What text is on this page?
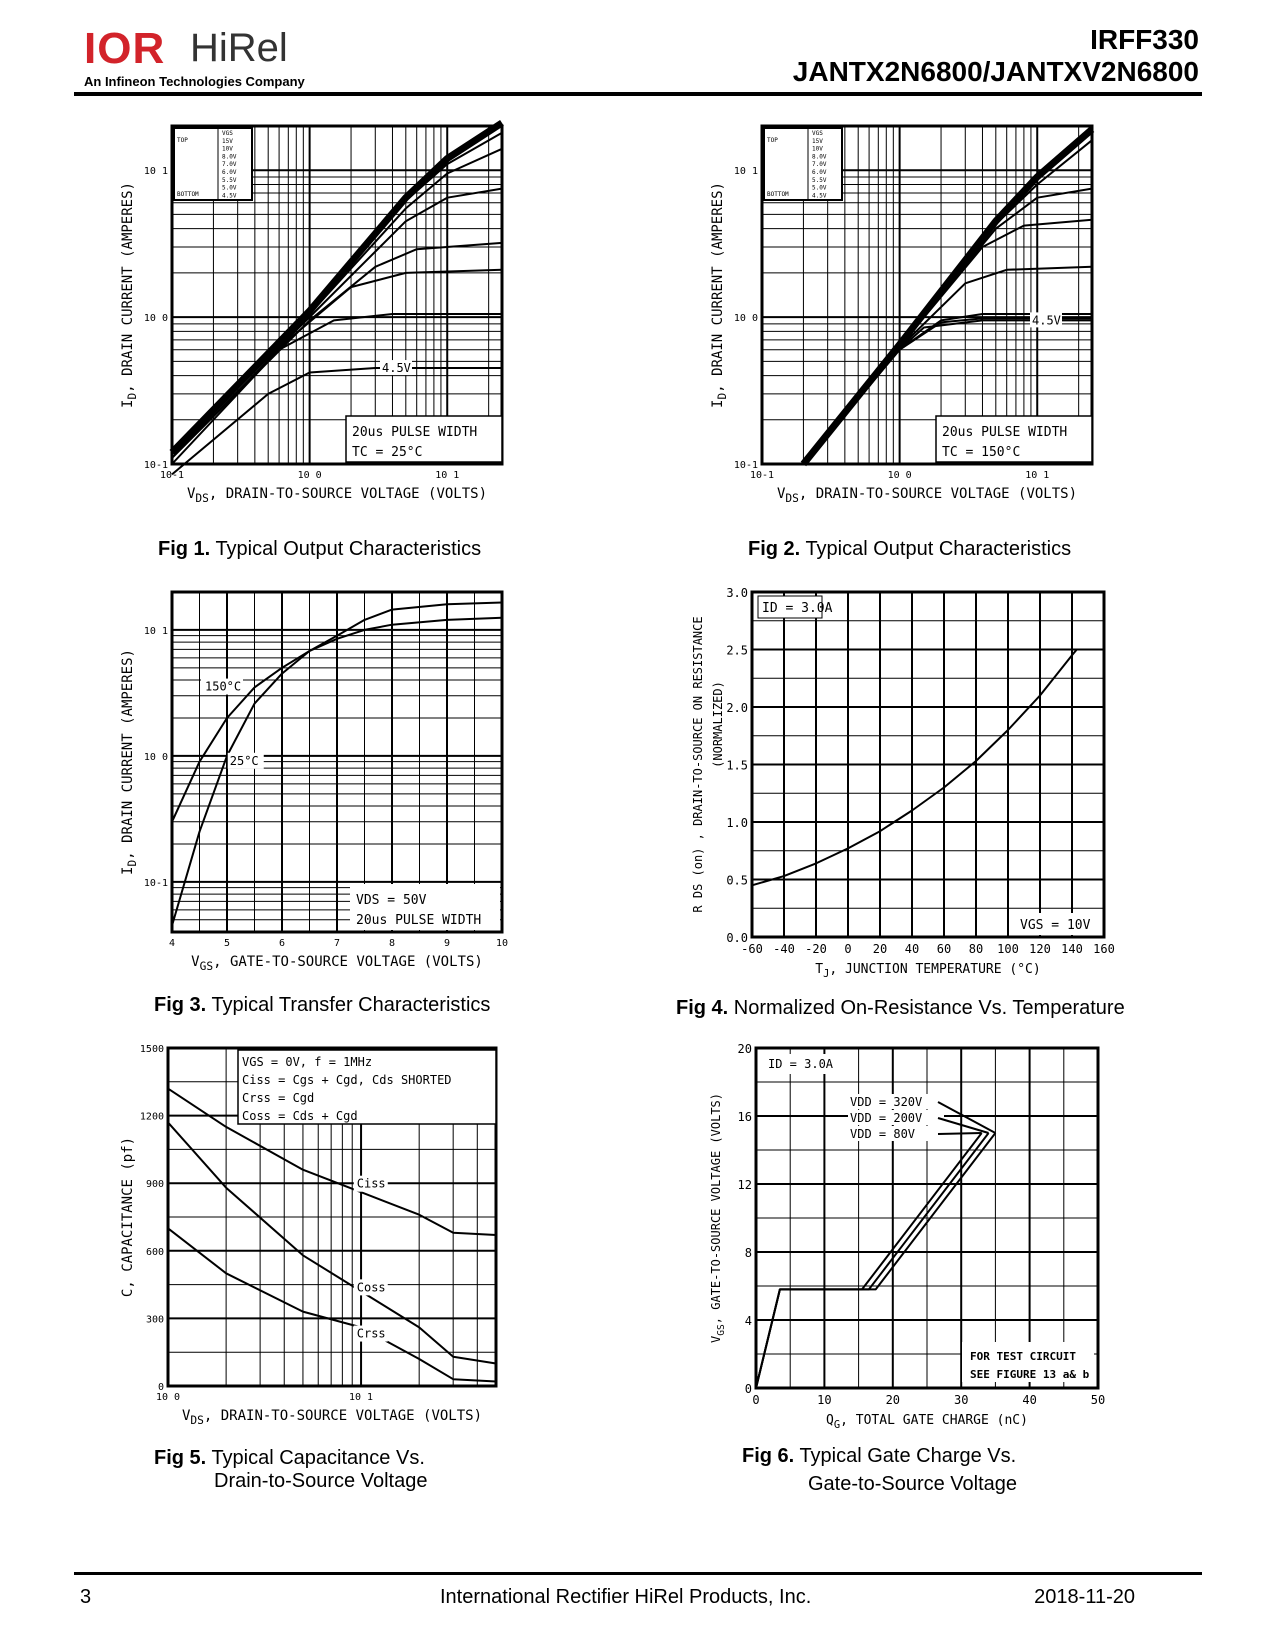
IOR HiRel
An Infineon Technologies Company
IRFF330
JANTX2N6800/JANTXV2N6800
TOP
BOTTOM
VGS
15V
10V
8.0V
7.0V
6.0V
5.5V
5.0V
4.5V
20us PULSE WIDTH
TC = 25°C
4.5V
10-1	10 0	10 1
10-1
10 0
10 1
$V_{DS}$, DRAIN-TO-SOURCE VOLTAGE (VOLTS)
$I_D$, DRAIN CURRENT (AMPERES)
TOP
BOTTOM
VGS
15V
10V
8.0V
7.0V
6.0V
5.5V
5.0V
4.5V
20us PULSE WIDTH
TC = 150°C
4.5V
10-1	10 0	10 1
10-1
10 0
10 1
$V_{DS}$, DRAIN-TO-SOURCE VOLTAGE (VOLTS)
$I_D$, DRAIN CURRENT (AMPERES)
150°C
25°C
VDS = 50V
20us PULSE WIDTH
4	5	6	7	8	9	10
10-1
10 0
10 1
$V_{GS}$, GATE-TO-SOURCE VOLTAGE (VOLTS)
$I_D$, DRAIN CURRENT (AMPERES)
ID = 3.0A
VGS = 10V
-60 -40 -20 0 20 40 60 80 100 120 140 160
0.0
0.5
1.0
1.5
2.0
2.5
3.0
$T_J$, JUNCTION TEMPERATURE (°C)
R DS (on) , DRAIN-TO-SOURCE ON RESISTANCE (NORMALIZED)
VGS = 0V, f = 1MHz
Ciss = Cgs + Cgd, Cds SHORTED
Crss = Cgd
Coss = Cds + Cgd
Ciss
Coss
Crss
10 0	10 1
0
300
600
900
1200
1500
$V_{DS}$, DRAIN-TO-SOURCE VOLTAGE (VOLTS)
C, CAPACITANCE (pf)
ID = 3.0A
VDD = 320V
VDD = 200V
VDD = 80V
FOR TEST CIRCUIT
SEE FIGURE 13 a& b
0	10	20	30	40	50
0
4
8
12
16
20
$Q_G$, TOTAL GATE CHARGE (nC)
$V_{GS}$, GATE-TO-SOURCE VOLTAGE (VOLTS)
Fig 1. Typical Output Characteristics	Fig 2. Typical Output Characteristics
Fig 3. Typical Transfer Characteristics	Fig 4. Normalized On-Resistance Vs. Temperature
Fig 5. Typical Capacitance Vs.
Drain-to-Source Voltage
Fig 6. Typical Gate Charge Vs.
Gate-to-Source Voltage
3	International Rectifier HiRel Products, Inc.	2018-11-20
